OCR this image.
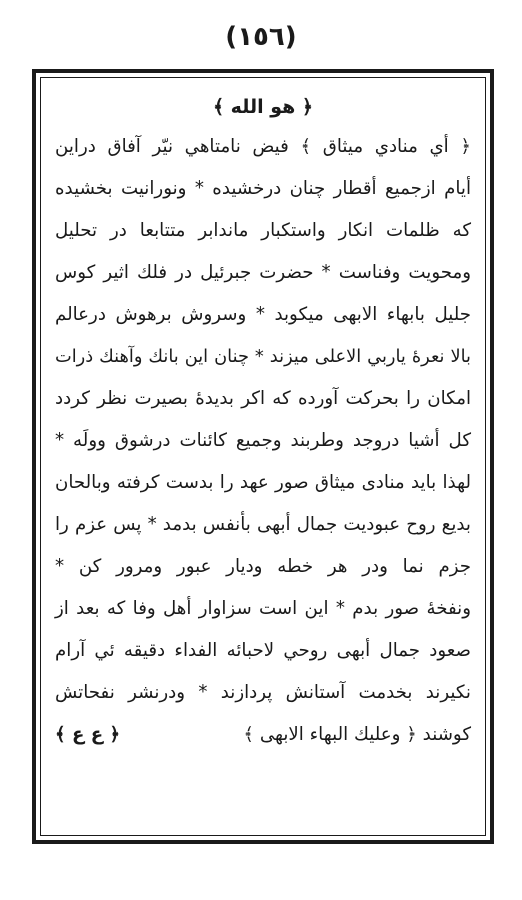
(١٥٦)
﴿ هو الله ﴾
﴿ أي منادي ميثاق ﴾ فيض نامتاهي نيّر آفاق دراين
أيام ازجميع أقطار چنان درخشيده * ونورانيت بخشيده
كه ظلمات انكار واستكبار ماندابر متتابعا در تحليل
ومحويت وفناست * حضرت جبرئيل در فلك اثير كوس
جليل بابهاء الابهى ميكوبد * وسروش برهوش درعالم
بالا نعرهٔ ياربي الاعلى ميزند * چنان اين بانك وآهنك ذرات
امكان را بحركت آورده كه اكر بديدهٔ بصيرت نظر كردد
كل أشيا دروجد وطربند وجميع كائنات درشوق وولَه *
لهذا بايد منادى ميثاق صور عهد را بدست كرفته وبالحان
بديع روح عبوديت جمال أبهى بأنفس بدمد * پس عزم را
جزم نما ودر هر خطه وديار عبور ومرور كن *
ونفخهٔ صور بدم * اين است سزاوار أهل وفا كه بعد از
صعود جمال أبهى روحي لاحبائه الفداء دقيقه ئي آرام
نكيرند بخدمت آستانش پردازند * ودرنشر نفحاتش
كوشند ﴿ وعليك البهاء الابهى ﴾
﴿ ع ع ﴾
